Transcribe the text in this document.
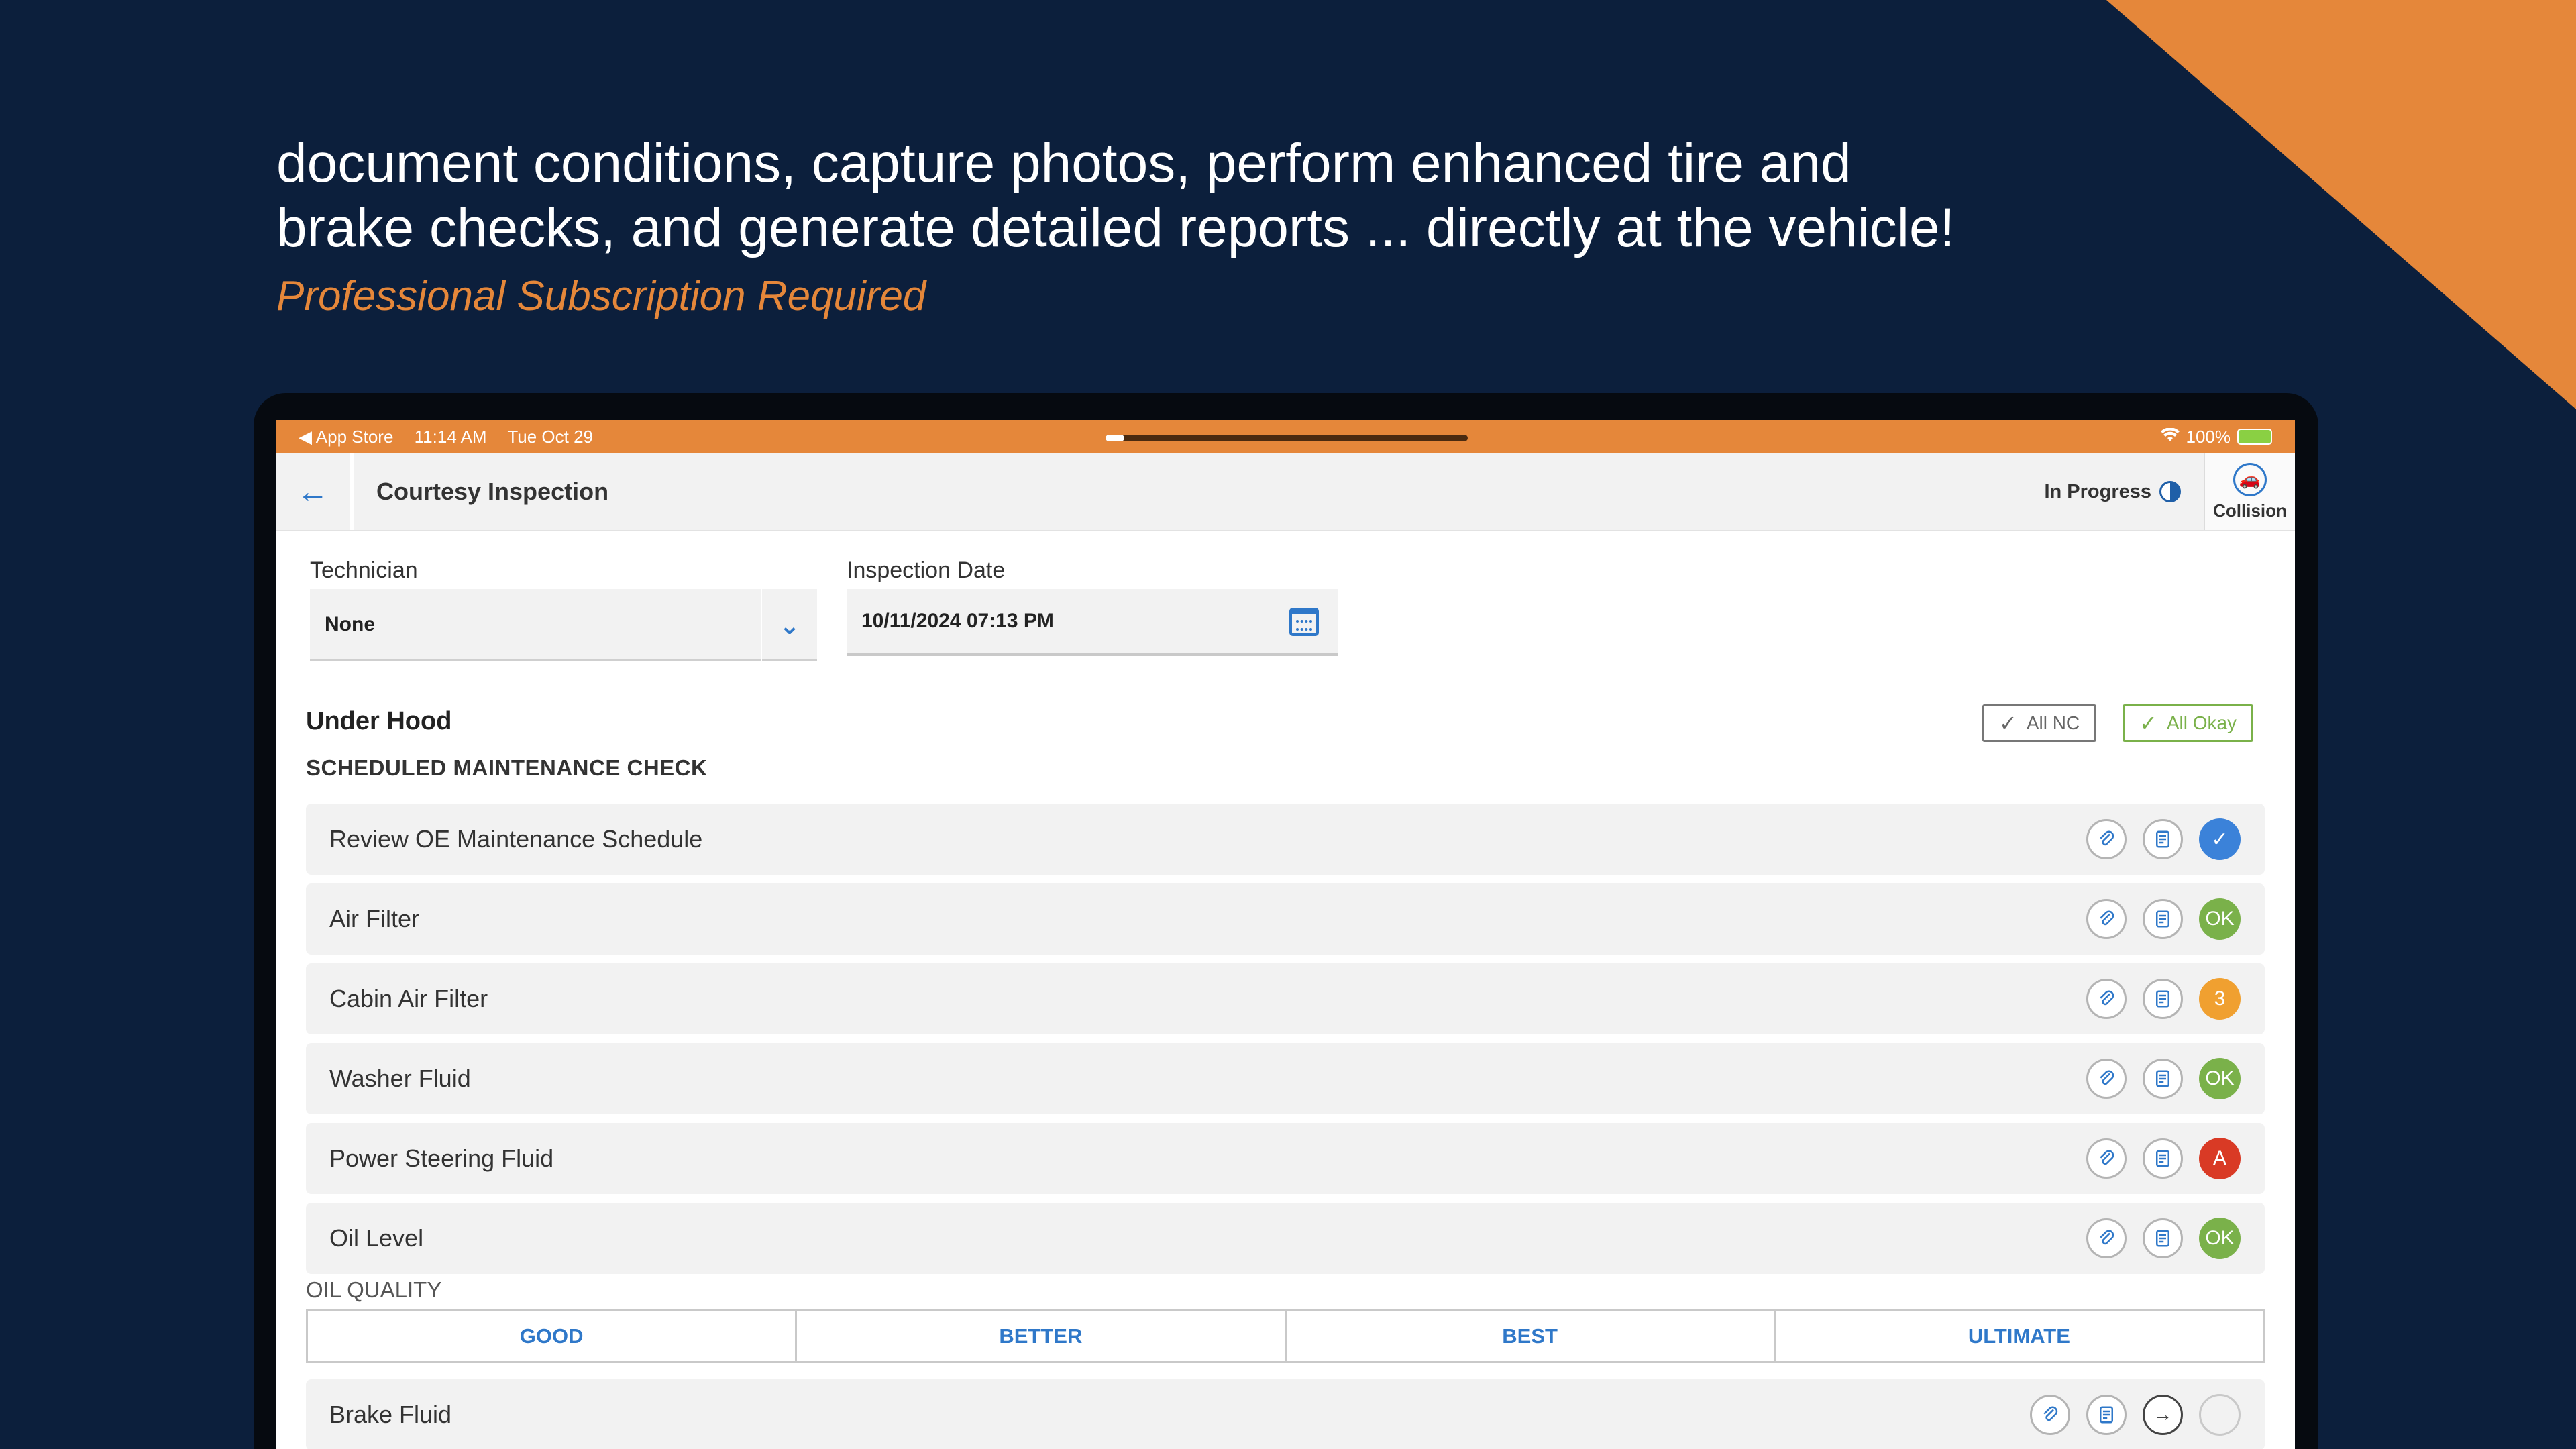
document conditions, capture photos, perform enhanced tire and
brake checks, and generate detailed reports ... directly at the vehicle!
Professional Subscription Required
◀ App Store 11:14 AM Tue Oct 29	100%
←	Courtesy Inspection	In Progress
🚗
Collision
Technician
None	⌄
Inspection Date
10/11/2024 07:13 PM
Under Hood
SCHEDULED MAINTENANCE CHECK
✓ All NC	✓ All Okay
Review OE Maintenance Schedule	✓
Air Filter	OK
Cabin Air Filter	3
Washer Fluid	OK
Power Steering Fluid	A
Oil Level	OK
OIL QUALITY
GOOD	BETTER	BEST	ULTIMATE
Brake Fluid	→
